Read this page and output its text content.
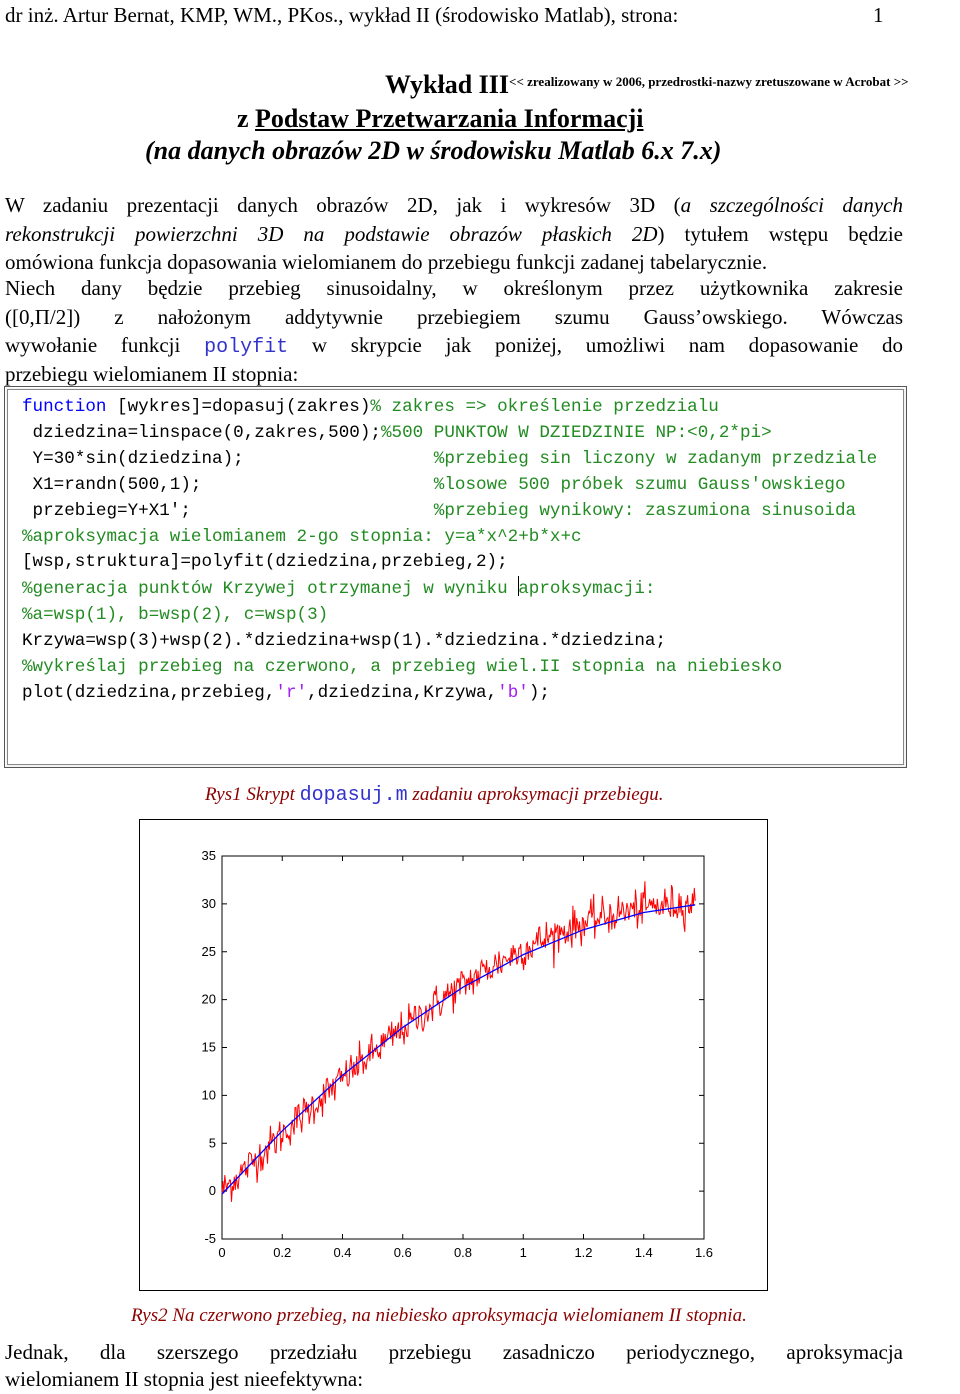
dr inż. Artur Bernat, KMP, WM., PKos., wykład II (środowisko Matlab), strona:	1
Wykład $III^{<< zrealizowany w 2006, przedrostki-nazwy zretuszowane w Acrobat >>}$
z Podstaw Przetwarzania Informacji
(na danych obrazów 2D w środowisku Matlab 6.x 7.x)
W zadaniu prezentacji danych obrazów 2D, jak i wykresów 3D (a szczególności danych
rekonstrukcji powierzchni 3D na podstawie obrazów płaskich 2D) tytułem wstępu będzie
omówiona funkcja dopasowania wielomianem do przebiegu funkcji zadanej tabelarycznie.
Niech dany będzie przebieg sinusoidalny, w określonym przez użytkownika zakresie
([0,Π/2]) z nałożonym addytywnie przebiegiem szumu Gauss’owskiego. Wówczas
wywołanie funkcji polyfit w skrypcie jak poniżej, umożliwi nam dopasowanie do
przebiegu wielomianem II stopnia:
function [wykres]=dopasuj(zakres)% zakres => określenie przedzialu
dziedzina=linspace(0,zakres,500);%500 PUNKTOW W DZIEDZINIE NP:<0,2*pi>
Y=30*sin(dziedzina);	%przebieg sin liczony w zadanym przedziale
X1=randn(500,1);	%losowe 500 próbek szumu Gauss'owskiego
przebieg=Y+X1';	%przebieg wynikowy: zaszumiona sinusoida
%aproksymacja wielomianem 2-go stopnia: y=a*x^2+b*x+c
[wsp,struktura]=polyfit(dziedzina,przebieg,2);
%generacja punktów Krzywej otrzymanej w wyniku aproksymacji:
%a=wsp(1), b=wsp(2), c=wsp(3)
Krzywa=wsp(3)+wsp(2).*dziedzina+wsp(1).*dziedzina.*dziedzina;
%wykreślaj przebieg na czerwono, a przebieg wiel.II stopnia na niebiesko
plot(dziedzina,przebieg,'r',dziedzina,Krzywa,'b');
Rys1 Skrypt dopasuj.m zadaniu aproksymacji przebiegu.
0	0.2	0.4	0.6	0.8	1	1.2	1.4	1.6
-5
0
5
10
15
20
25
30
35
Rys2 Na czerwono przebieg, na niebiesko aproksymacja wielomianem II stopnia.
Jednak, dla szerszego przedziału przebiegu zasadniczo periodycznego, aproksymacja
wielomianem II stopnia jest nieefektywna:
